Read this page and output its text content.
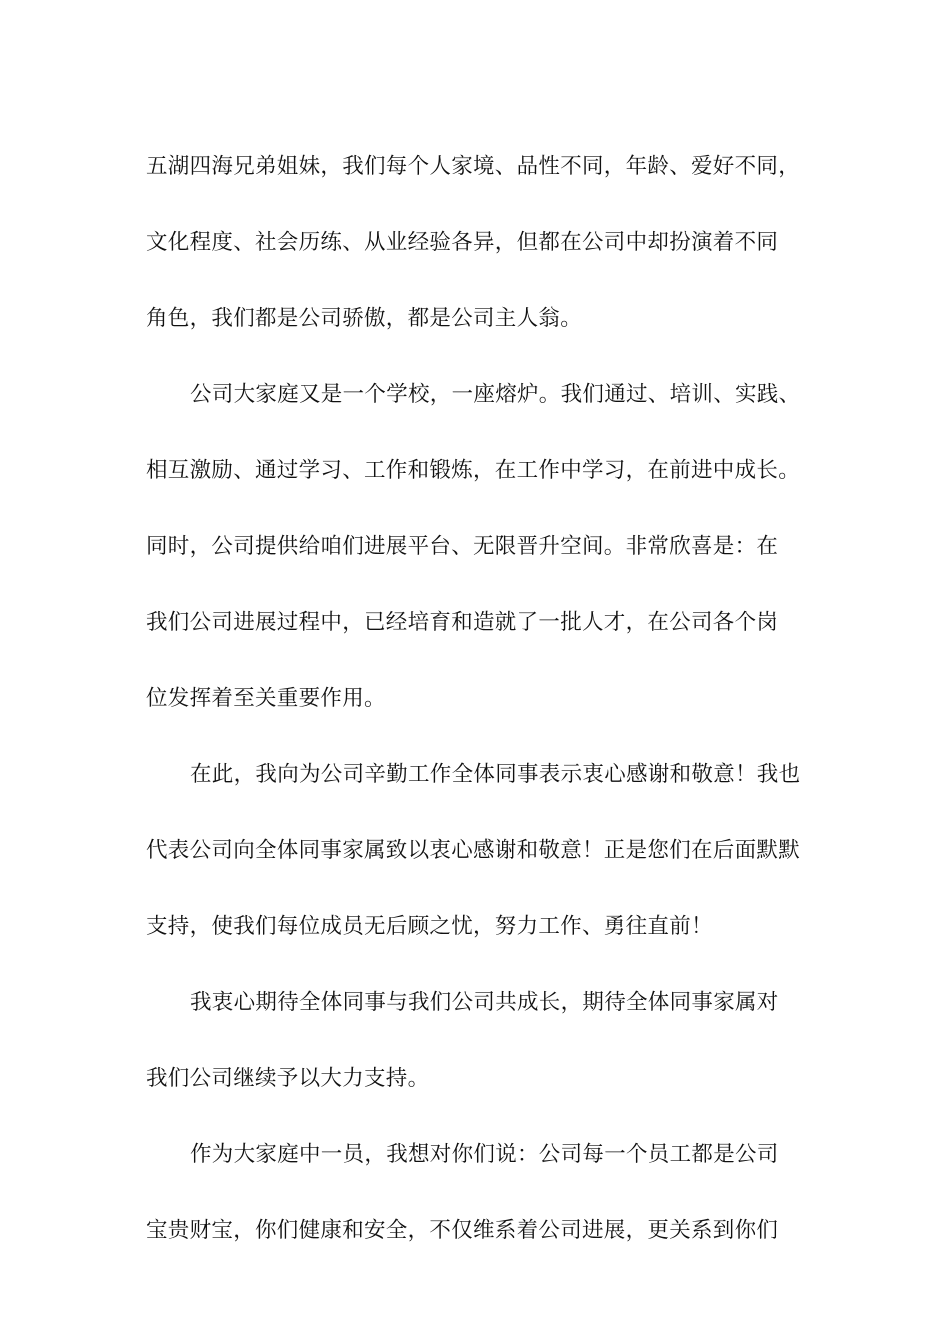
五湖四海兄弟姐妹，我们每个人家境、品性不同，年龄、爱好不同，
文化程度、社会历练、从业经验各异，但都在公司中却扮演着不同
角色，我们都是公司骄傲，都是公司主人翁。
公司大家庭又是一个学校，一座熔炉。我们通过、培训、实践、
相互激励、通过学习、工作和锻炼，在工作中学习，在前进中成长。
同时，公司提供给咱们进展平台、无限晋升空间。非常欣喜是：在
我们公司进展过程中，已经培育和造就了一批人才，在公司各个岗
位发挥着至关重要作用。
在此，我向为公司辛勤工作全体同事表示衷心感谢和敬意！我也
代表公司向全体同事家属致以衷心感谢和敬意！正是您们在后面默默
支持，使我们每位成员无后顾之忧，努力工作、勇往直前！
我衷心期待全体同事与我们公司共成长，期待全体同事家属对
我们公司继续予以大力支持。
作为大家庭中一员，我想对你们说：公司每一个员工都是公司
宝贵财宝，你们健康和安全，不仅维系着公司进展，更关系到你们
